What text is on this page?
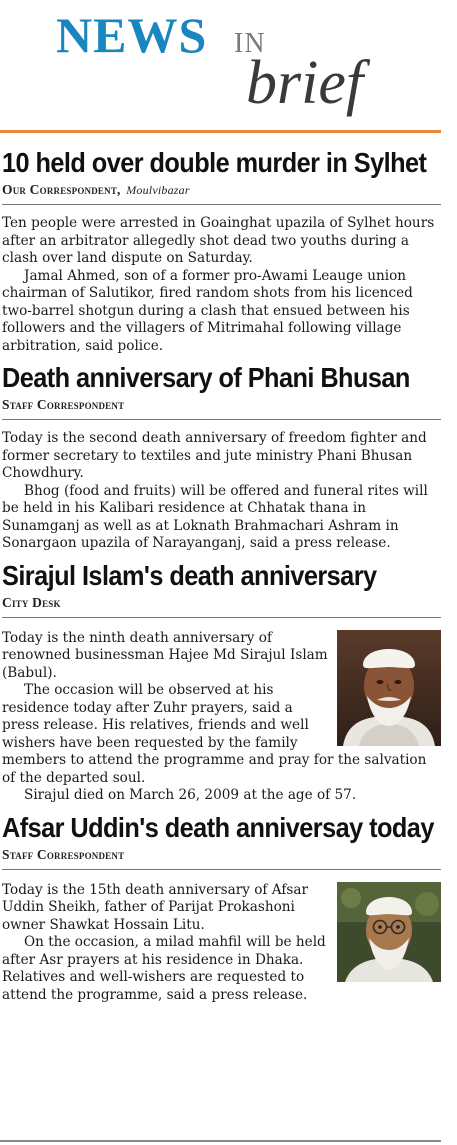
NEWS IN
brief
10 held over double murder in Sylhet
Our Correspondent, Moulvibazar

Ten people were arrested in Goainghat upazila of Sylhet hours after an arbitrator allegedly shot dead two youths during a clash over land dispute on Saturday.

Jamal Ahmed, son of a former pro-Awami Leauge union chairman of Salutikor, fired random shots from his licenced two-barrel shotgun during a clash that ensued between his followers and the villagers of Mitrimahal following village arbitration, said police.

Death anniversary of Phani Bhusan
Staff Correspondent

Today is the second death anniversary of freedom fighter and former secretary to textiles and jute ministry Phani Bhusan Chowdhury.

Bhog (food and fruits) will be offered and funeral rites will be held in his Kalibari residence at Chhatak thana in Sunamganj as well as at Loknath Brahmachari Ashram in Sonargaon upazila of Narayanganj, said a press release.

Sirajul Islam's death anniversary
City Desk

Today is the ninth death anniversary of renowned businessman Hajee Md Sirajul Islam (Babul).

The occasion will be observed at his residence today after Zuhr prayers, said a press release. His relatives, friends and well wishers have been requested by the family members to attend the programme and pray for the salvation of the departed soul.

Sirajul died on March 26, 2009 at the age of 57.

Afsar Uddin's death anniversay today
Staff Correspondent

Today is the 15th death anniversary of Afsar Uddin Sheikh, father of Parijat Prokashoni owner Shawkat Hossain Litu.

On the occasion, a milad mahfil will be held after Asr prayers at his residence in Dhaka. Relatives and well-wishers are requested to attend the programme, said a press release.
